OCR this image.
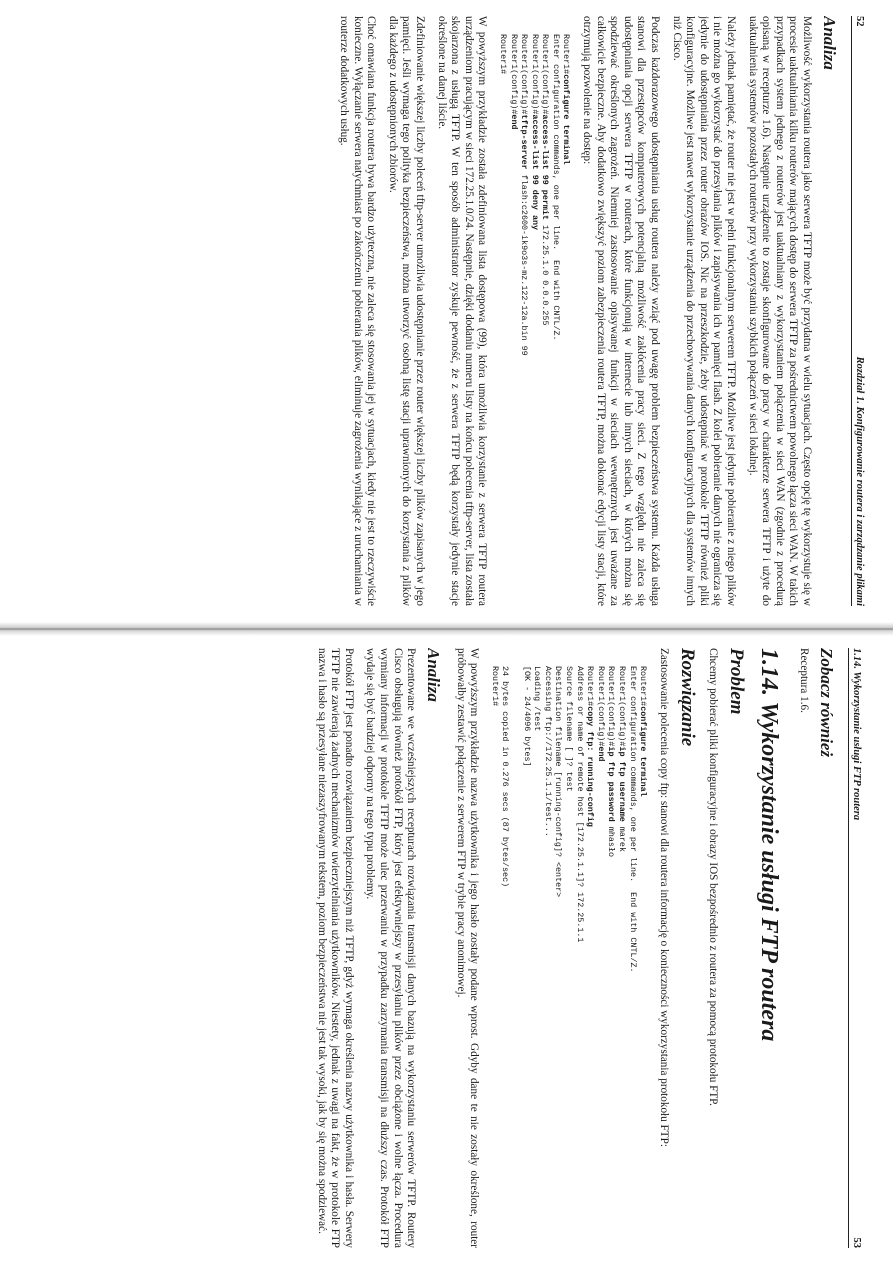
52
Rozdział 1. Konfigurowanie routera i zarządzanie plikami
Analiza

Możliwość wykorzystania routera jako serwera TFTP może być przydatna w wielu sytuacjach. Często opcję tę wykorzystuje się w procesie uaktualniania kilku routerów mających dostęp do serwera TFTP za pośrednictwem powolnego łącza sieci WAN. W takich przypadkach system jednego z routerów jest uaktualniany z wykorzystaniem połączenia w sieci WAN (zgodnie z procedurą opisaną w recepturze 1.6). Następnie urządzenie to zostaje skonfigurowane do pracy w charakterze serwera TFTP i użyte do uaktualnienia systemów pozostałych routerów przy wykorzystaniu szybkich połączeń w sieci lokalnej.

Należy jednak pamiętać, że router nie jest w pełni funkcjonalnym serwerem TFTP. Możliwe jest jedynie pobieranie z niego plików i nie można go wykorzystać do przesyłania plików i zapisywania ich w pamięci flash. Z kolei pobieranie danych nie ogranicza się jedynie do udostępniania przez router obrazów IOS. Nic na przeszkodzie, żeby udostępniać w protokole TFTP również pliki konfiguracyjne. Możliwe jest nawet wykorzystanie urządzenia do przechowywania danych konfiguracyjnych dla systemów innych niż Cisco.

Podczas każdorazowego udostępniania usług routera należy wziąć pod uwagę problem bezpieczeństwa systemu. Każda usługa stanowi dla przestępców komputerowych potencjalną możliwość zakłócenia pracy sieci. Z tego względu nie zaleca się udostępniania opcji serwera TFTP w routerach, które funkcjonują w internecie lub innych sieciach, w których można się spodziewać określonych zagrożeń. Niemniej zastosowanie opisywanej funkcji w sieciach wewnętrznych jest uważane za całkowicie bezpieczne. Aby dodatkowo zwiększyć poziom zabezpieczenia routera TFTP, można dokonać edycji listy stacji, które otrzymują pozwolenie na dostęp:

Router1#configure terminal
Enter configuration commands, one per line.  End with CNTL/Z.
Router1(config)#access-list 99 permit 172.25.1.0 0.0.0.255
Router1(config)#access-list 99 deny any
Router1(config)#tftp-server flash:c2600-ik9o3s-mz.122-12a.bin 99
Router1(config)#end
Router1#

W powyższym przykładzie została zdefiniowana lista dostępowa (99), która umożliwia korzystanie z serwera TFTP routera urządzeniom pracującym w sieci 172.25.1.0/24. Następnie, dzięki dodaniu numeru listy na końcu polecenia tftp-server, lista została skojarzona z usługą TFTP. W ten sposób administrator zyskuje pewność, że z serwera TFTP będą korzystały jedynie stacje określone na danej liście.

Zdefiniowanie większej liczby poleceń tftp-server umożliwia udostępnianie przez router większej liczby plików zapisanych w jego pamięci. Jeśli wymaga tego polityka bezpieczeństwa, można utworzyć osobną listę stacji uprawnionych do korzystania z plików dla każdego z udostępnionych zbiorów.

Choć omawiana funkcja routera bywa bardzo użyteczna, nie zaleca się stosowania jej w sytuacjach, kiedy nie jest to rzeczywiście konieczne. Wyłączanie serwera natychmiast po zakończeniu pobierania plików, eliminuje zagrożenia wynikające z uruchamiania w routerze dodatkowych usług.

1.14. Wykorzystanie usługi FTP routera
53
Zobacz również

Receptura 1.6.

1.14. Wykorzystanie usługi FTP routera
Problem

Chcemy pobierać pliki konfiguracyjne i obrazy IOS bezpośrednio z routera za pomocą protokołu FTP.

Rozwiązanie

Zastosowanie polecenia copy ftp: stanowi dla routera informację o konieczności wykorzystania protokołu FTP:

Router1#configure terminal
Enter configuration commands, one per line.  End with CNTL/Z.
Router1(config)#ip ftp username marek
Router1(config)#ip ftp password mhasło
Router1(config)#end
Router1#copy ftp: running-config
Address or name of remote host [172.25.1.1]? 172.25.1.1
Source filename [ ]? test
Destination filename [running-config]? <enter>
Accessing ftp://172.25.1.1/test...
Loading /test
[OK - 24/4096 bytes]

24 bytes copied in 0.276 secs (87 bytes/sec)
Router1#

W powyższym przykładzie nazwa użytkownika i jego hasło zostały podane wprost. Gdyby dane te nie zostały określone, router próbowałby zestawić połączenie z serwerem FTP w trybie pracy anonimowej.

Analiza

Prezentowane we wcześniejszych recepturach rozwiązania transmisji danych bazują na wykorzystaniu serwerów TFTP. Routery Cisco obsługują również protokół FTP, który jest efektywniejszy w przesyłaniu plików przez obciążone i wolne łącza. Procedura wymiany informacji w protokole TFTP może ulec przerwaniu w przypadku zarzymania transmisji na dłuższy czas. Protokół FTP wydaje się być bardziej odporny na tego typu problemy.

Protokół FTP jest ponadto rozwiązaniem bezpieczniejszym niż TFTP, gdyż wymaga określenia nazwy użytkownika i hasła. Serwery TFTP nie zawierają żadnych mechanizmów uwierzytelniania użytkowników. Niestety, jednak z uwagi na fakt, że w protokole FTP nazwa i hasło są przesyłane niezaszyfrowanym tekstem, poziom bezpieczeństwa nie jest tak wysoki, jak by się można spodziewać.
